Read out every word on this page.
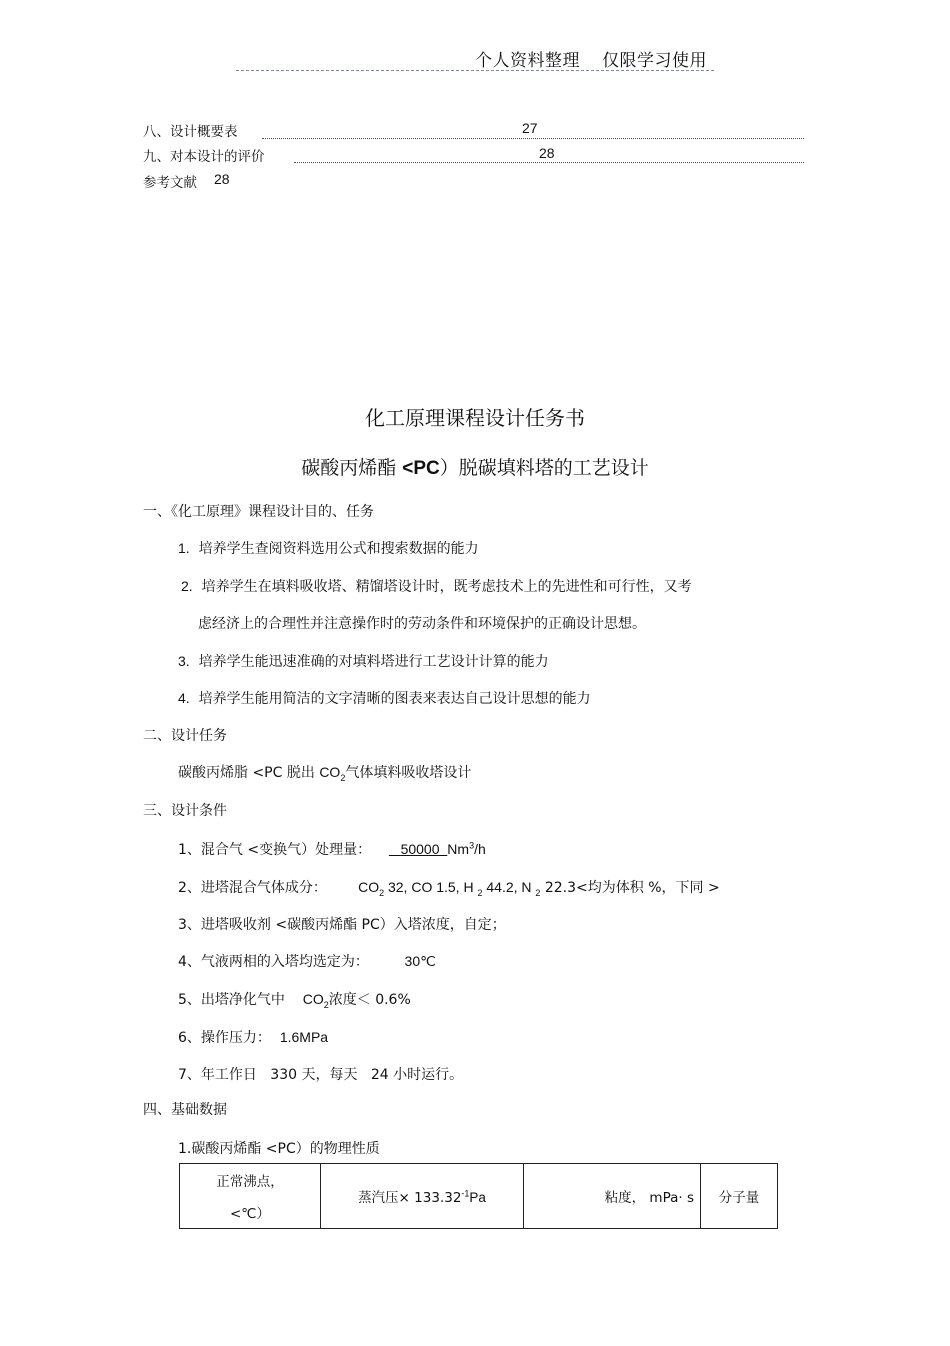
个人资料整理 仅限学习使用
八、设计概要表	27
九、对本设计的评价	28
参考文献 28
化工原理课程设计任务书
碳酸丙烯酯 <PC）脱碳填料塔的工艺设计
一、《化工原理》课程设计目的、任务
1. 培养学生查阅资料选用公式和搜索数据的能力
2. 培养学生在填料吸收塔、精馏塔设计时，既考虑技术上的先进性和可行性，又考
虑经济上的合理性并注意操作时的劳动条件和环境保护的正确设计思想。
3. 培养学生能迅速准确的对填料塔进行工艺设计计算的能力
4. 培养学生能用简洁的文字清晰的图表来表达自己设计思想的能力
二、设计任务
碳酸丙烯脂 <PC 脱出 $CO_2$气体填料吸收塔设计
三、设计条件
1、混合气 <变换气）处理量： 50000 Nm$^3$/h
2、进塔混合气体成分： $CO_2$ 32, CO 1.5, H $_2$ 44.2, N $_2$ 22.3<均为体积 %，下同 >
3、进塔吸收剂 <碳酸丙烯酯 PC）入塔浓度，自定；
4、气液两相的入塔均选定为：	30℃
5、出塔净化气中 $CO_2$浓度＜ 0.6%
6、操作压力： 1.6MPa
7、年工作日 330 天，每天 24 小时运行。
四、基础数据
1.碳酸丙烯酯 <PC）的物理性质
正常沸点，
<℃）
	蒸汽压× $133.32^{-1}Pa$	粘度， mPa· s	分子量
